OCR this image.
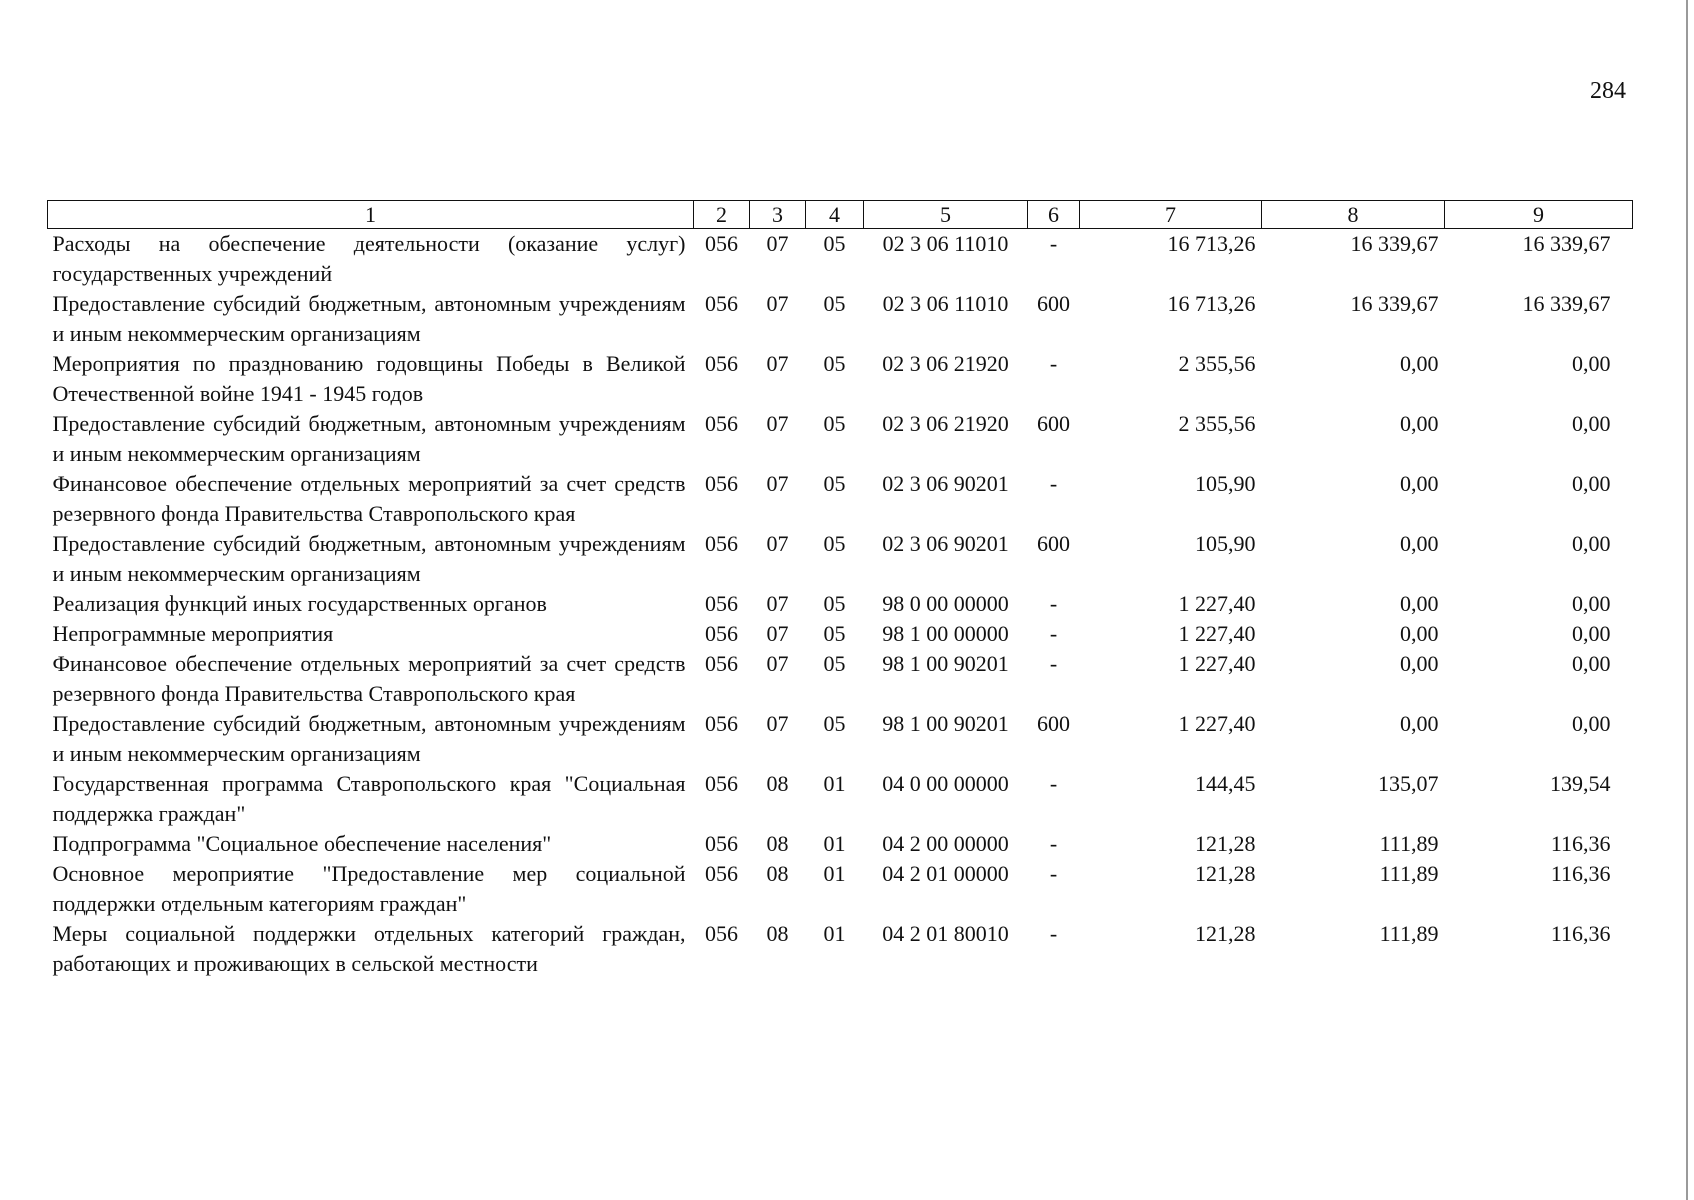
284
1	2	3	4	5	6	7	8	9
Расходы на обеспечение деятельности (оказание услуг) государственных учреждений	056	07	05	02 3 06 11010	-	16 713,26	16 339,67	16 339,67
Предоставление субсидий бюджетным, автономным учреждениям и иным некоммерческим организациям	056	07	05	02 3 06 11010	600	16 713,26	16 339,67	16 339,67
Мероприятия по празднованию годовщины Победы в Великой Отечественной войне 1941 - 1945 годов	056	07	05	02 3 06 21920	-	2 355,56	0,00	0,00
Предоставление субсидий бюджетным, автономным учреждениям и иным некоммерческим организациям	056	07	05	02 3 06 21920	600	2 355,56	0,00	0,00
Финансовое обеспечение отдельных мероприятий за счет средств резервного фонда Правительства Ставропольского края	056	07	05	02 3 06 90201	-	105,90	0,00	0,00
Предоставление субсидий бюджетным, автономным учреждениям и иным некоммерческим организациям	056	07	05	02 3 06 90201	600	105,90	0,00	0,00
Реализация функций иных государственных органов	056	07	05	98 0 00 00000	-	1 227,40	0,00	0,00
Непрограммные мероприятия	056	07	05	98 1 00 00000	-	1 227,40	0,00	0,00
Финансовое обеспечение отдельных мероприятий за счет средств резервного фонда Правительства Ставропольского края	056	07	05	98 1 00 90201	-	1 227,40	0,00	0,00
Предоставление субсидий бюджетным, автономным учреждениям и иным некоммерческим организациям	056	07	05	98 1 00 90201	600	1 227,40	0,00	0,00
Государственная программа Ставропольского края "Социальная поддержка граждан"	056	08	01	04 0 00 00000	-	144,45	135,07	139,54
Подпрограмма "Социальное обеспечение населения"	056	08	01	04 2 00 00000	-	121,28	111,89	116,36
Основное мероприятие "Предоставление мер социальной поддержки отдельным категориям граждан"	056	08	01	04 2 01 00000	-	121,28	111,89	116,36
Меры социальной поддержки отдельных категорий граждан, работающих и проживающих в сельской местности	056	08	01	04 2 01 80010	-	121,28	111,89	116,36
